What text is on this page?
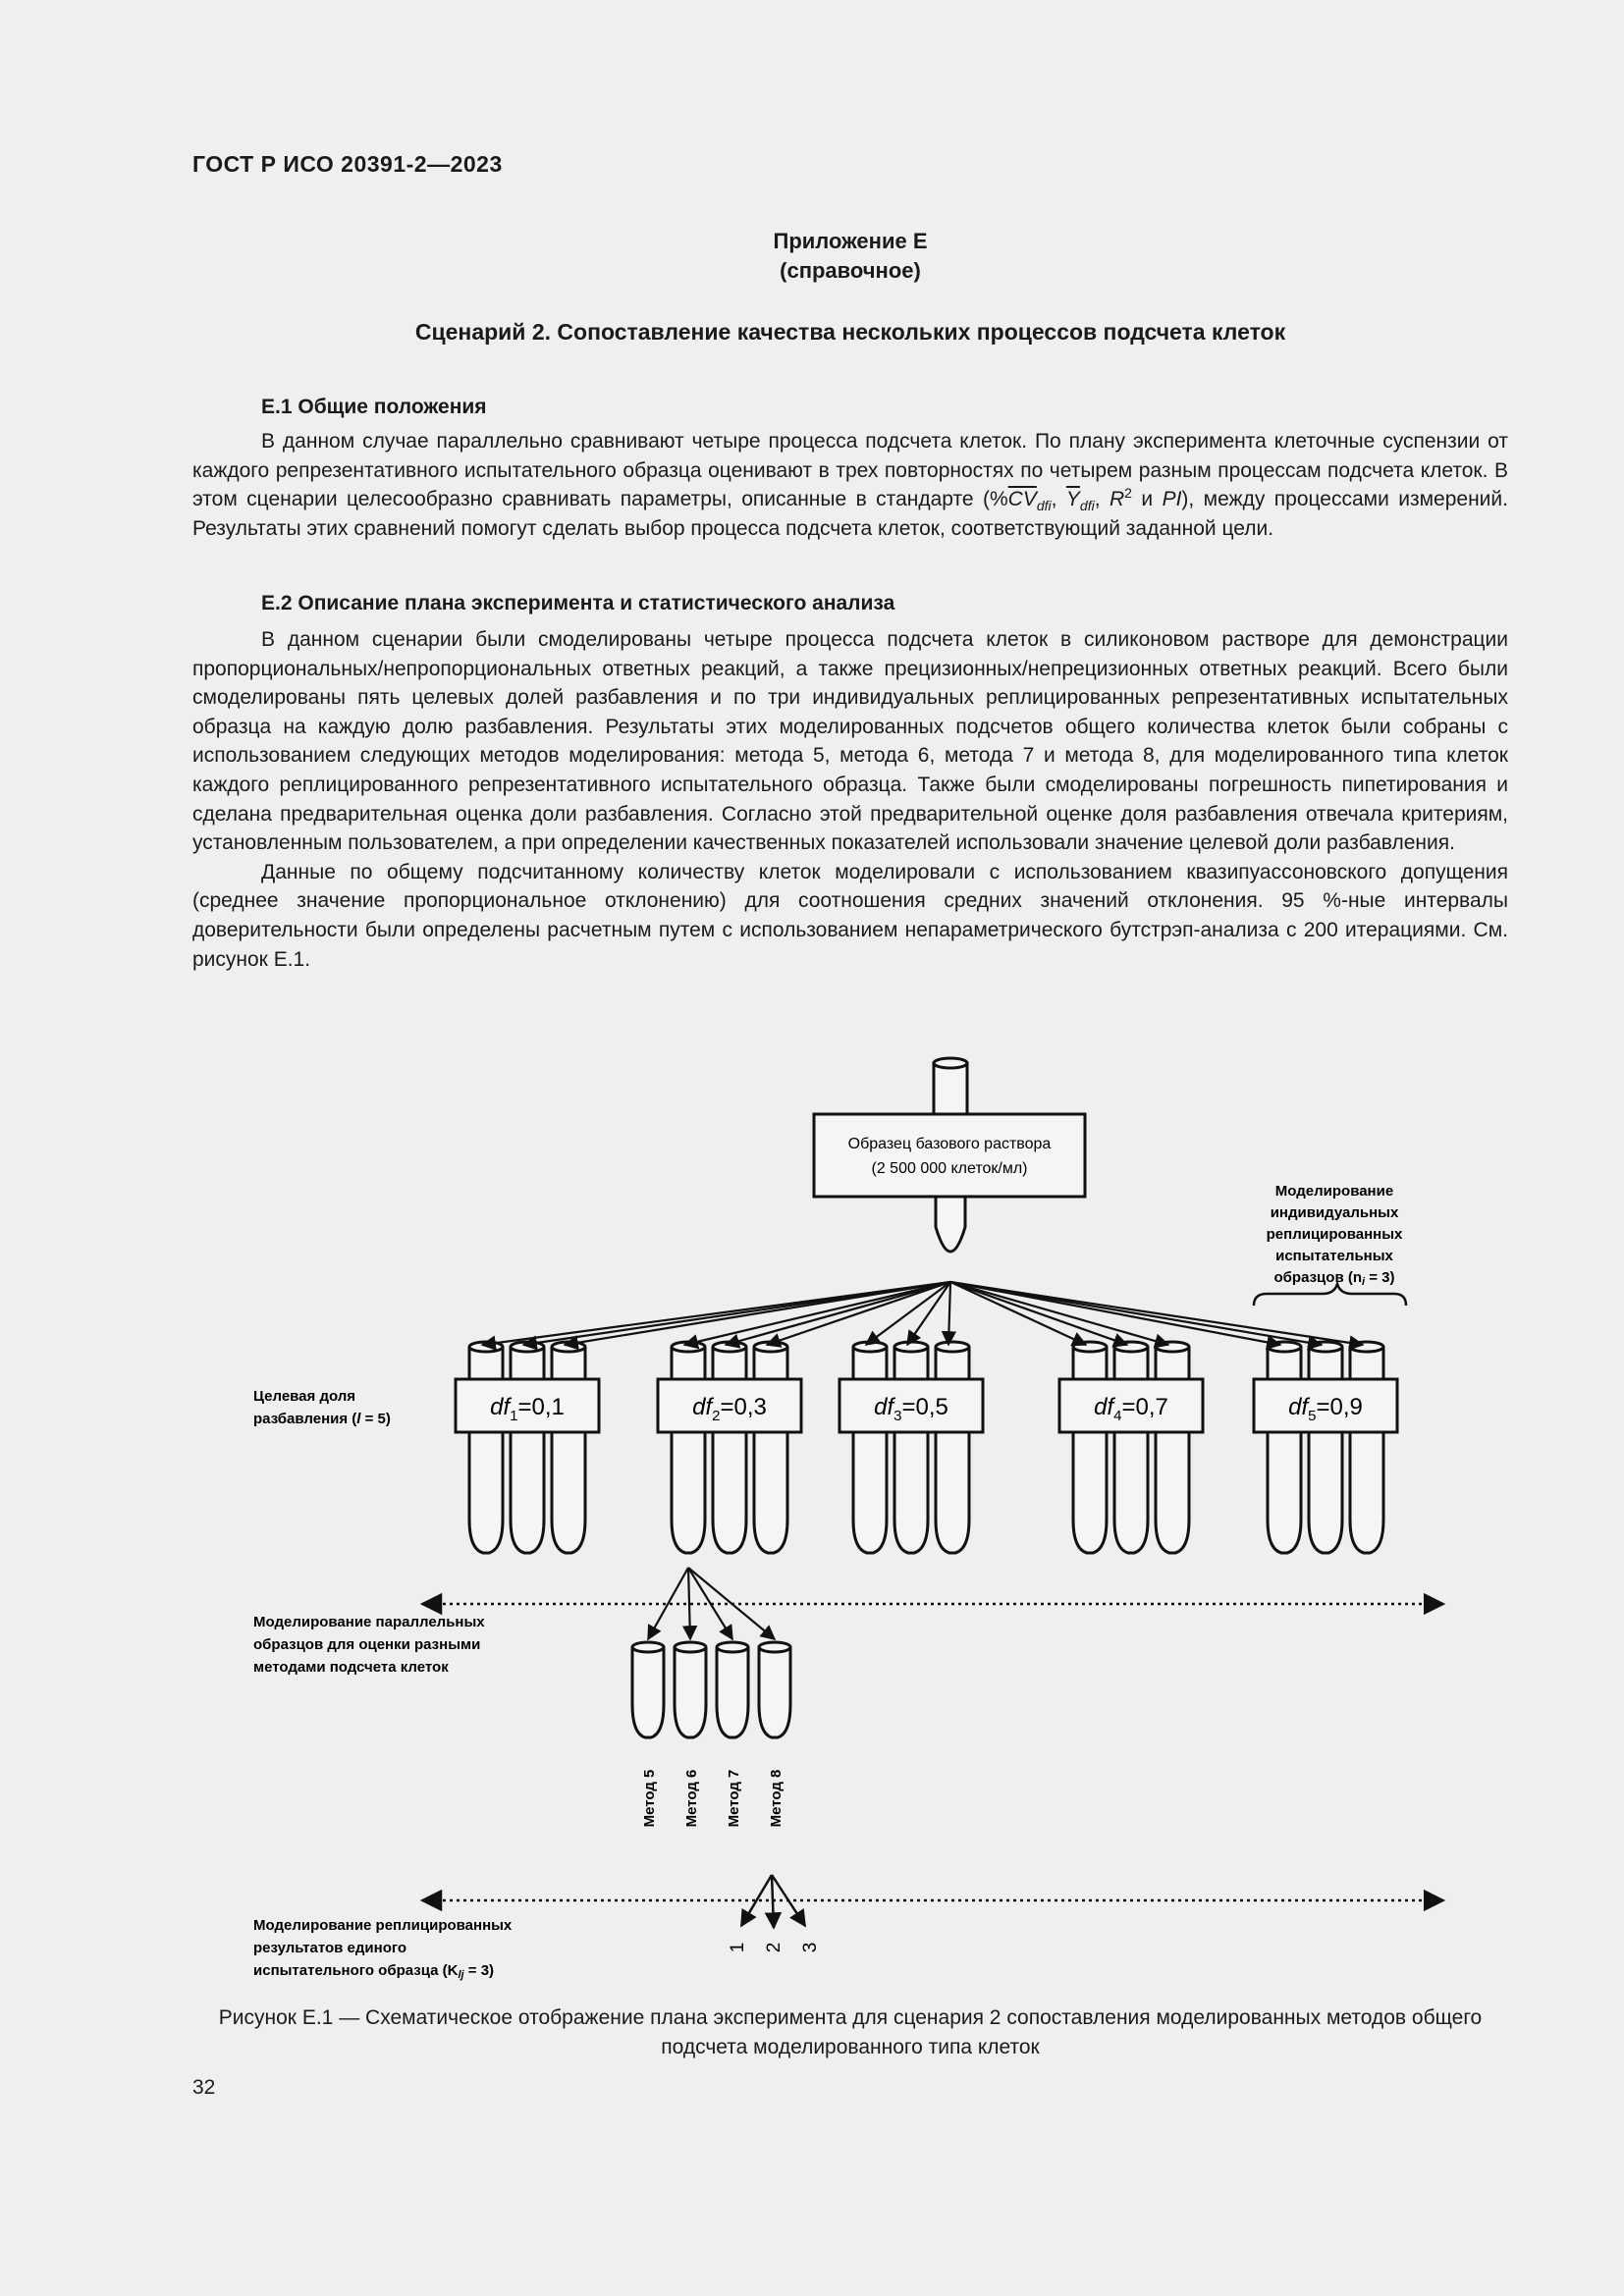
ГОСТ Р ИСО 20391-2—2023
Приложение Е
(справочное)
Сценарий 2. Сопоставление качества нескольких процессов подсчета клеток
Е.1 Общие положения

В данном случае параллельно сравнивают четыре процесса подсчета клеток. По плану эксперимента клеточные суспензии от каждого репрезентативного испытательного образца оценивают в трех повторностях по четырем разным процессам подсчета клеток. В этом сценарии целесообразно сравнивать параметры, описанные в стандарте ($\%\overline{CV}_{dfi}$, $\overline{Y}_{dfi}$, $R^2$ и PI), между процессами измерений. Результаты этих сравнений помогут сделать выбор процесса подсчета клеток, соответствующий заданной цели.

Е.2 Описание плана эксперимента и статистического анализа

В данном сценарии были смоделированы четыре процесса подсчета клеток в силиконовом растворе для демонстрации пропорциональных/непропорциональных ответных реакций, а также прецизионных/непрецизионных ответных реакций. Всего были смоделированы пять целевых долей разбавления и по три индивидуальных реплицированных репрезентативных испытательных образца на каждую долю разбавления. Результаты этих моделированных подсчетов общего количества клеток были собраны с использованием следующих методов моделирования: метода 5, метода 6, метода 7 и метода 8, для моделированного типа клеток каждого реплицированного репрезентативного испытательного образца. Также были смоделированы погрешность пипетирования и сделана предварительная оценка доли разбавления. Согласно этой предварительной оценке доля разбавления отвечала критериям, установленным пользователем, а при определении качественных показателей использовали значение целевой доли разбавления.

Данные по общему подсчитанному количеству клеток моделировали с использованием квазипуассоновского допущения (среднее значение пропорциональное отклонению) для соотношения средних значений отклонения. 95 %-ные интервалы доверительности были определены расчетным путем с использованием непараметрического бутстрэп-анализа с 200 итерациями. См. рисунок Е.1.

Образец базового раствора
(2 500 000 клеток/мл)
Моделирование
индивидуальных
реплицированных
испытательных
образцов $(n_i = 3)$
Целевая доля
разбавления (l = 5)	$df_1=0,1$	$df_2=0,3$	$df_3=0,5$	$df_4=0,7$	$df_5=0,9$
Моделирование параллельных
образцов для оценки разными
методами подсчета клеток
Метод 5 Метод 6 Метод 7 Метод 8
1 2 3
Моделирование реплицированных
результатов единого
испытательного образца $(K_{lj} = 3)$
Рисунок Е.1 — Схематическое отображение плана эксперимента для сценария 2 сопоставления моделированных методов общего подсчета моделированного типа клеток
32
